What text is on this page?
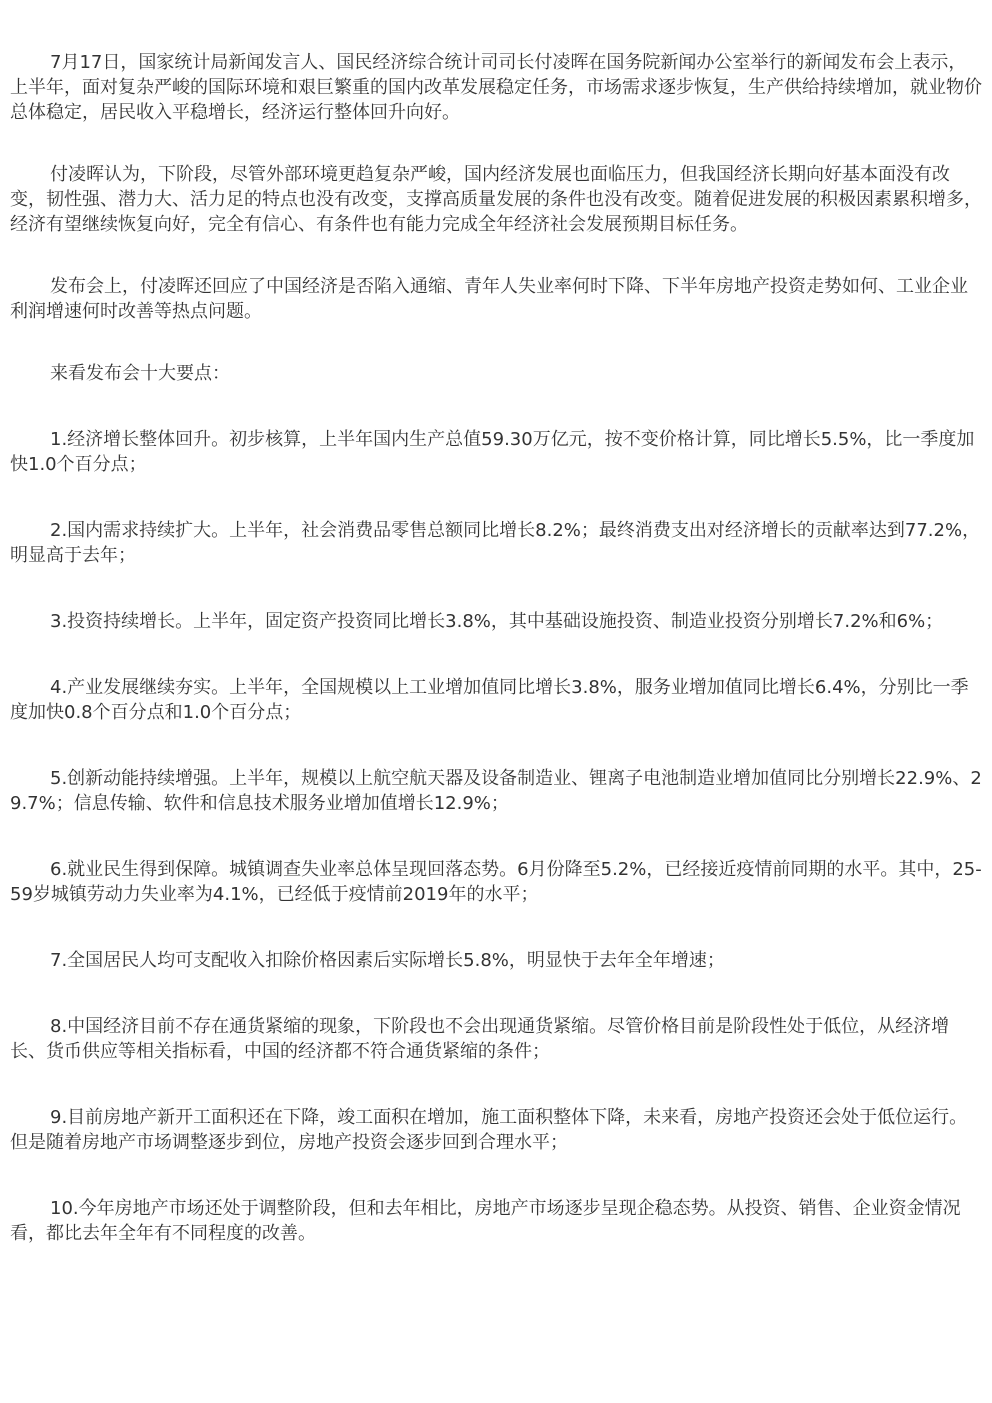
7月17日，国家统计局新闻发言人、国民经济综合统计司司长付凌晖在国务院新闻办公室举行的新闻发布会上表示，上半年，面对复杂严峻的国际环境和艰巨繁重的国内改革发展稳定任务，市场需求逐步恢复，生产供给持续增加，就业物价总体稳定，居民收入平稳增长，经济运行整体回升向好。

付凌晖认为，下阶段，尽管外部环境更趋复杂严峻，国内经济发展也面临压力，但我国经济长期向好基本面没有改变，韧性强、潜力大、活力足的特点也没有改变，支撑高质量发展的条件也没有改变。随着促进发展的积极因素累积增多，经济有望继续恢复向好，完全有信心、有条件也有能力完成全年经济社会发展预期目标任务。

发布会上，付凌晖还回应了中国经济是否陷入通缩、青年人失业率何时下降、下半年房地产投资走势如何、工业企业利润增速何时改善等热点问题。

来看发布会十大要点：

1.经济增长整体回升。初步核算，上半年国内生产总值59.30万亿元，按不变价格计算，同比增长5.5%，比一季度加快1.0个百分点；

2.国内需求持续扩大。上半年，社会消费品零售总额同比增长8.2%；最终消费支出对经济增长的贡献率达到77.2%，明显高于去年；

3.投资持续增长。上半年，固定资产投资同比增长3.8%，其中基础设施投资、制造业投资分别增长7.2%和6%；

4.产业发展继续夯实。上半年，全国规模以上工业增加值同比增长3.8%，服务业增加值同比增长6.4%，分别比一季度加快0.8个百分点和1.0个百分点；

5.创新动能持续增强。上半年，规模以上航空航天器及设备制造业、锂离子电池制造业增加值同比分别增长22.9%、29.7%；信息传输、软件和信息技术服务业增加值增长12.9%；

6.就业民生得到保障。城镇调查失业率总体呈现回落态势。6月份降至5.2%，已经接近疫情前同期的水平。其中，25-59岁城镇劳动力失业率为4.1%，已经低于疫情前2019年的水平；

7.全国居民人均可支配收入扣除价格因素后实际增长5.8%，明显快于去年全年增速；

8.中国经济目前不存在通货紧缩的现象，下阶段也不会出现通货紧缩。尽管价格目前是阶段性处于低位，从经济增长、货币供应等相关指标看，中国的经济都不符合通货紧缩的条件；

9.目前房地产新开工面积还在下降，竣工面积在增加，施工面积整体下降，未来看，房地产投资还会处于低位运行。但是随着房地产市场调整逐步到位，房地产投资会逐步回到合理水平；

10.今年房地产市场还处于调整阶段，但和去年相比，房地产市场逐步呈现企稳态势。从投资、销售、企业资金情况看，都比去年全年有不同程度的改善。
